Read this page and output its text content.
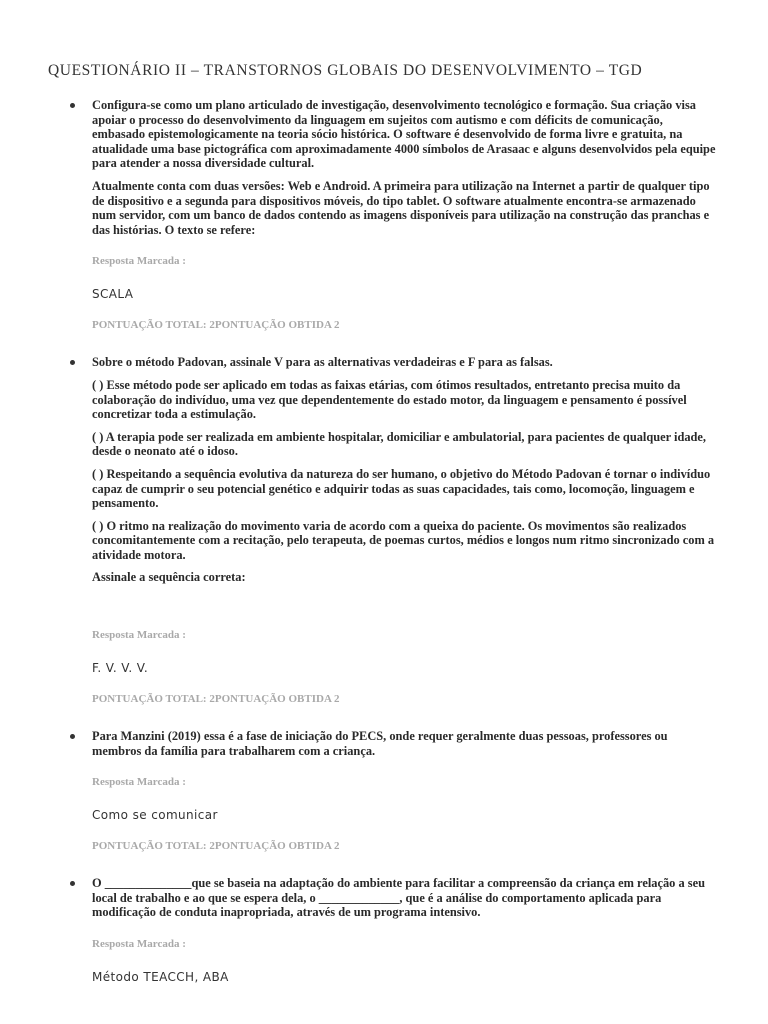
QUESTIONÁRIO II – TRANSTORNOS GLOBAIS DO DESENVOLVIMENTO – TGD

Configura-se como um plano articulado de investigação, desenvolvimento tecnológico e formação. Sua criação visa apoiar o processo do desenvolvimento da linguagem em sujeitos com autismo e com déficits de comunicação, embasado epistemologicamente na teoria sócio histórica. O software é desenvolvido de forma livre e gratuita, na atualidade uma base pictográfica com aproximadamente 4000 símbolos de Arasaac e alguns desenvolvidos pela equipe para atender a nossa diversidade cultural.

Atualmente conta com duas versões: Web e Android. A primeira para utilização na Internet a partir de qualquer tipo de dispositivo e a segunda para dispositivos móveis, do tipo tablet. O software atualmente encontra-se armazenado num servidor, com um banco de dados contendo as imagens disponíveis para utilização na construção das pranchas e das histórias. O texto se refere:

Resposta Marcada :
SCALA
PONTUAÇÃO TOTAL: 2PONTUAÇÃO OBTIDA 2

Sobre o método Padovan, assinale V para as alternativas verdadeiras e F para as falsas.

( ) Esse método pode ser aplicado em todas as faixas etárias, com ótimos resultados, entretanto precisa muito da colaboração do indivíduo, uma vez que dependentemente do estado motor, da linguagem e pensamento é possível concretizar toda a estimulação.

( ) A terapia pode ser realizada em ambiente hospitalar, domiciliar e ambulatorial, para pacientes de qualquer idade, desde o neonato até o idoso.

( ) Respeitando a sequência evolutiva da natureza do ser humano, o objetivo do Método Padovan é tornar o indivíduo capaz de cumprir o seu potencial genético e adquirir todas as suas capacidades, tais como, locomoção, linguagem e pensamento.

( ) O ritmo na realização do movimento varia de acordo com a queixa do paciente. Os movimentos são realizados concomitantemente com a recitação, pelo terapeuta, de poemas curtos, médios e longos num ritmo sincronizado com a atividade motora.

Assinale a sequência correta:

Resposta Marcada :
F. V. V. V.
PONTUAÇÃO TOTAL: 2PONTUAÇÃO OBTIDA 2

Para Manzini (2019) essa é a fase de iniciação do PECS, onde requer geralmente duas pessoas, professores ou membros da família para trabalharem com a criança.

Resposta Marcada :
Como se comunicar
PONTUAÇÃO TOTAL: 2PONTUAÇÃO OBTIDA 2

O ______________que se baseia na adaptação do ambiente para facilitar a compreensão da criança em relação a seu local de trabalho e ao que se espera dela, o _____________, que é a análise do comportamento aplicada para modificação de conduta inapropriada, através de um programa intensivo.

Resposta Marcada :
Método TEACCH, ABA
